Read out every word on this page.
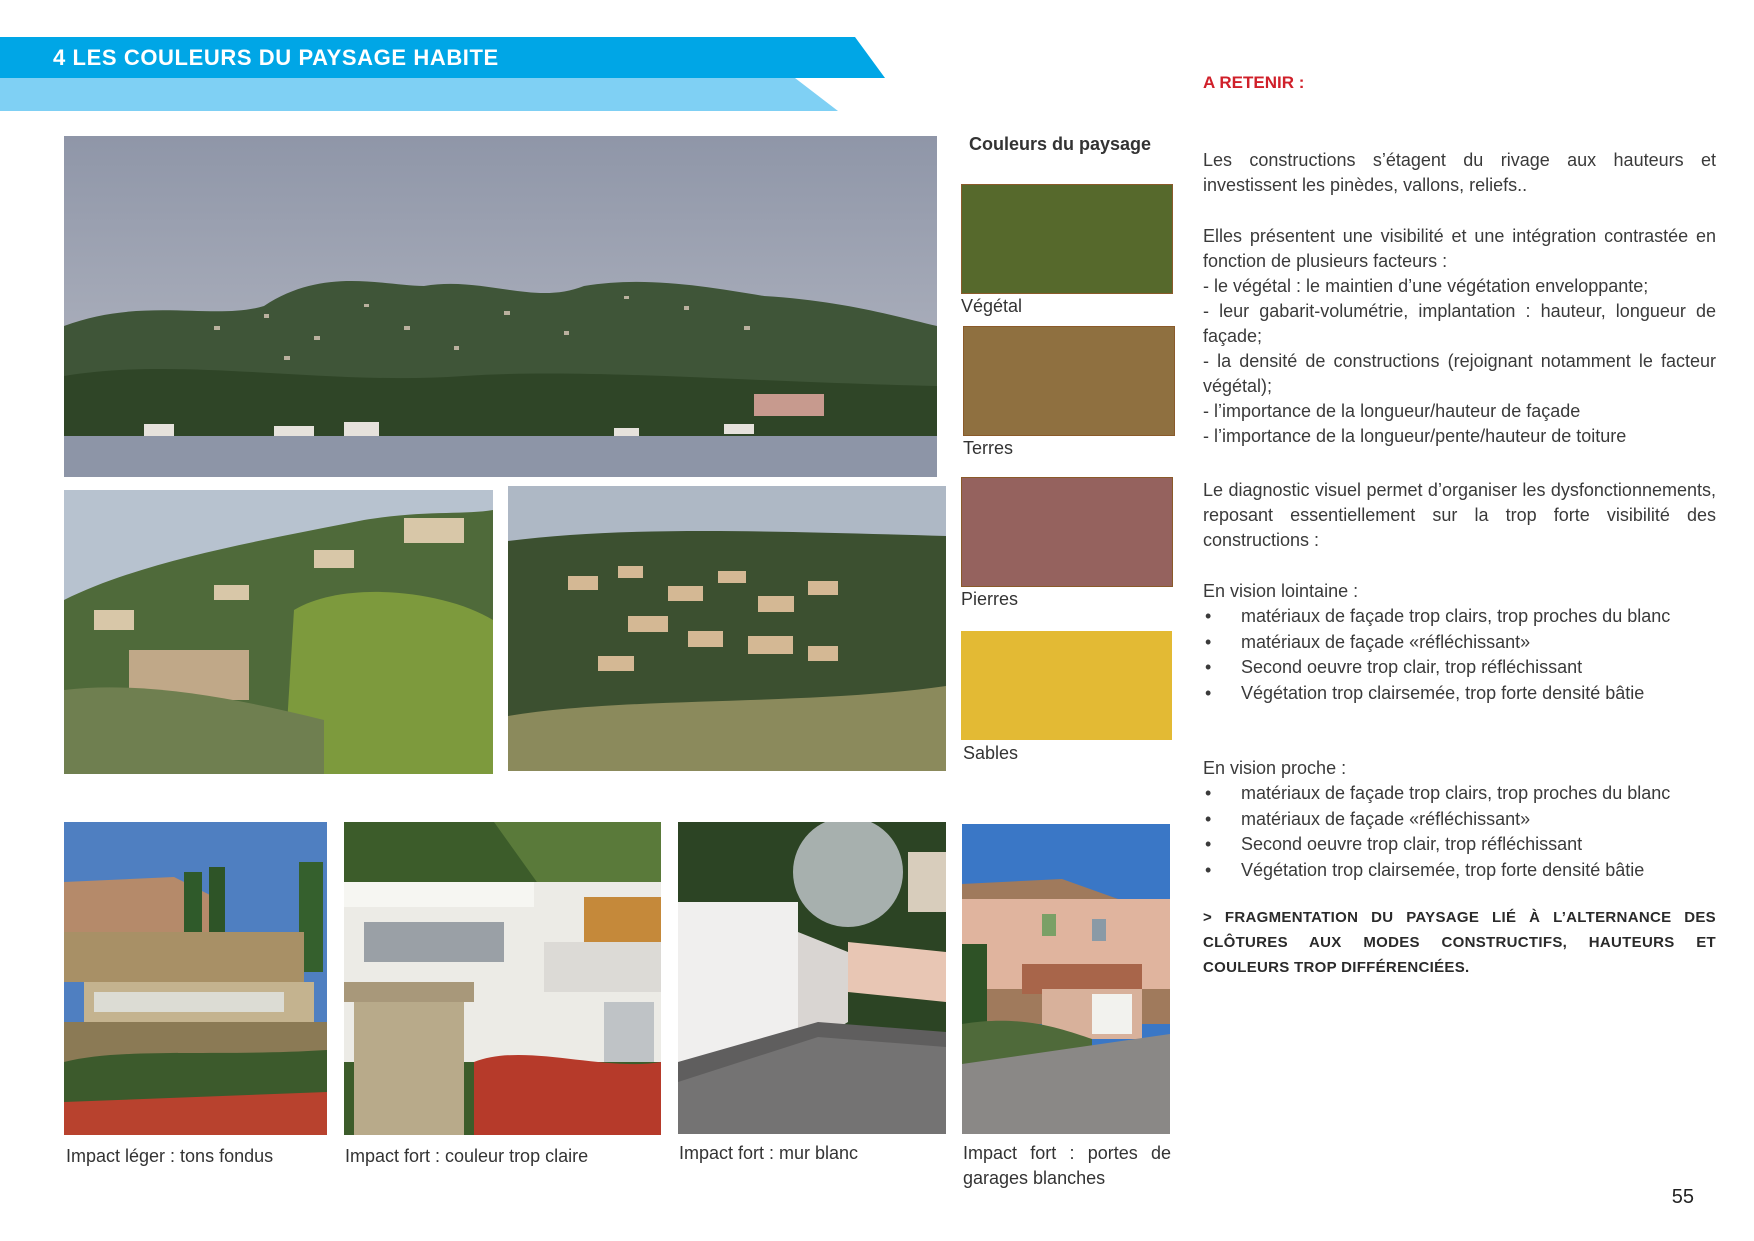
4 LES COULEURS DU PAYSAGE HABITE
Couleurs du paysage
Végétal
Terres
Pierres
Sables
Impact léger : tons fondus	Impact fort : couleur trop claire	Impact fort : mur blanc	Impact fort : portes de garages blanches
A RETENIR :

Les constructions s’étagent du rivage aux hauteurs et investissent les pinèdes, vallons, reliefs..

Elles présentent une visibilité et une intégration contrastée en fonction de plusieurs facteurs :

- le végétal : le maintien d’une végétation enveloppante;

- leur gabarit-volumétrie, implantation : hauteur, longueur de façade;

- la densité de constructions (rejoignant notamment le facteur végétal);

- l’importance de la longueur/hauteur de façade

- l’importance de la longueur/pente/hauteur de toiture

Le diagnostic visuel permet d’organiser les dysfonctionnements, reposant essentiellement sur la trop forte visibilité des constructions :

En vision lointaine :
• matériaux de façade trop clairs, trop proches du blanc
• matériaux de façade «réfléchissant»
• Second oeuvre trop clair, trop réfléchissant
• Végétation trop clairsemée, trop forte densité bâtie
En vision proche :
• matériaux de façade trop clairs, trop proches du blanc
• matériaux de façade «réfléchissant»
• Second oeuvre trop clair, trop réfléchissant
• Végétation trop clairsemée, trop forte densité bâtie
> FRAGMENTATION DU PAYSAGE LIÉ À L’ALTERNANCE DES CLÔTURES AUX MODES CONSTRUCTIFS, HAUTEURS ET COULEURS TROP DIFFÉRENCIÉES.
55
